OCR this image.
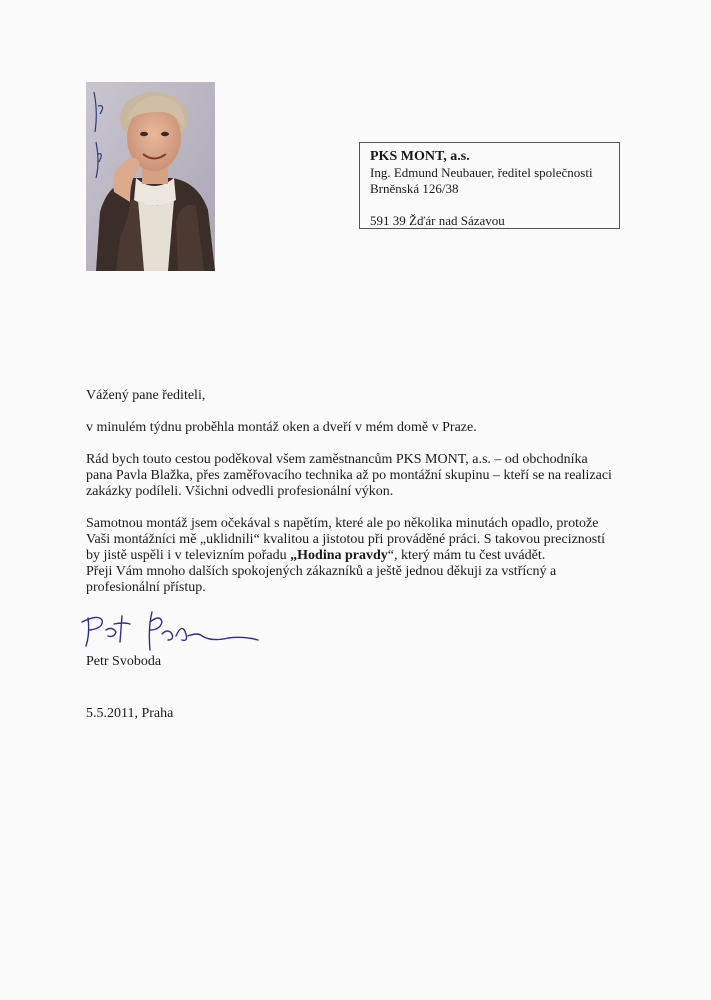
PKS MONT, a.s.
Ing. Edmund Neubauer, ředitel společnosti
Brněnská 126/38
591 39 Žďár nad Sázavou

Vážený pane řediteli,

v minulém týdnu proběhla montáž oken a dveří v mém domě v Praze.

Rád bych touto cestou poděkoval všem zaměstnancům PKS MONT, a.s. – od obchodníka
pana Pavla Blažka, přes zaměřovacího technika až po montážní skupinu – kteří se na realizaci
zakázky podíleli. Všichni odvedli profesionální výkon.
Samotnou montáž jsem očekával s napětím, které ale po několika minutách opadlo, protože
Vaši montážníci mě „uklidnili“ kvalitou a jistotou při prováděné práci. S takovou precizností
by jistě uspěli i v televizním pořadu „Hodina pravdy“, který mám tu čest uvádět.
Přeji Vám mnoho dalších spokojených zákazníků a ještě jednou děkuji za vstřícný a
profesionální přístup.
Petr Svoboda
5.5.2011, Praha
